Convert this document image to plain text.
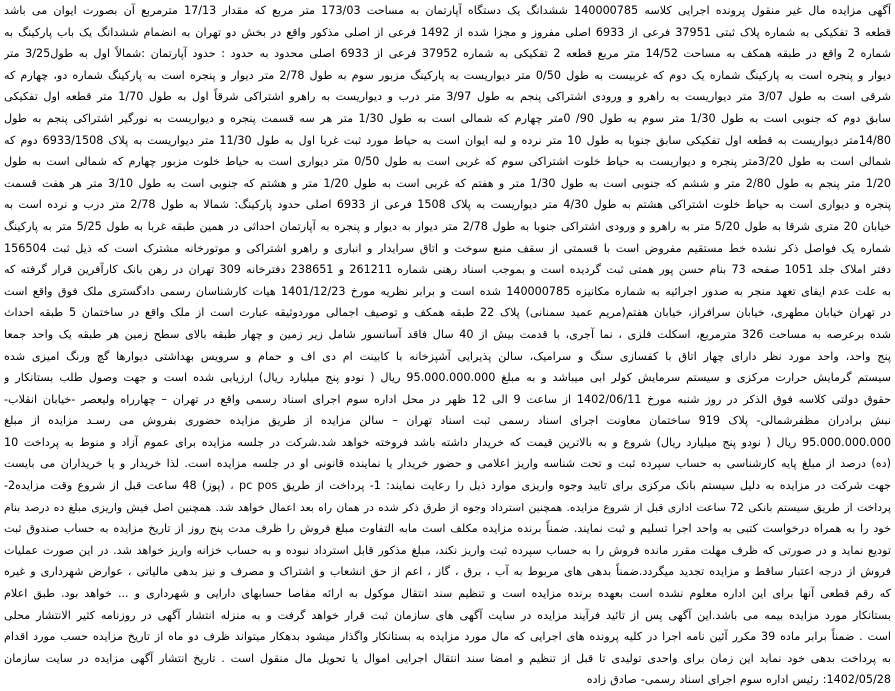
آگهی مزایده مال غیر منقول پرونده اجرایی کلاسه 140000785 ششدانگ یک دستگاه آپارتمان به مساحت 173/03 متر مربع که مقدار 17/13 مترمربع آن بصورت ایوان می باشد
قطعه 3 تفکیکی به شماره پلاک ثبتی 37951 فرعی از 6933 اصلی مفروز و مجزا شده از 1492 فرعی از اصلی مذکور واقع در بخش دو تهران به انضمام ششدانگ یک باب پارکینگ به
شماره 2 واقع در طبقه همکف به مساحت 14/52 متر مربع قطعه 2 تفکیکی به شماره 37952 فرعی از 6933 اصلی محدود به حدود : حدود آپارتمان :شمالاً اول به طول3/25 متر
دیوار و پنجره است به پارکینگ شماره یک دوم که غربیست به طول 0/50 متر دیواریست به پارکینگ مزبور سوم به طول 2/78 متر دیوار و پنجره است به پارکینگ شماره دو، چهارم که
شرقی است به طول 3/07 متر دیواریست به راهرو و ورودی اشتراکی پنجم به طول 3/97 متر درب و دیواریست به راهرو اشتراکی شرقاً اول به طول 1/70 متر قطعه اول تفکیکی
سابق دوم که جنوبی است به طول 1/30 متر سوم به طول 90/ 0متر چهارم که شمالی است به طول 1/30 متر هر سه قسمت پنجره و دیواریست به نورگیر اشتراکی پنجم به طول
14/80متر دیواریست به قطعه اول تفکیکی سابق جنوبا به طول 10 متر نرده و لبه ایوان است به حیاط مورد ثبت غربا اول به طول 11/30 متر دیواریست به پلاک 6933/1508 دوم که
شمالی است به طول 3/20متر پنجره و دیواریست به حیاط خلوت اشتراکی سوم که غربی است به طول 0/50 متر دیواری است به حیاط خلوت مزبور چهارم که شمالی است به طول
1/20 متر پنجم به طول 2/80 متر و ششم که جنوبی است به طول 1/30 متر و هفتم که غربی است به طول 1/20 متر و هشتم که جنوبی است به طول 3/10 متر هر هفت قسمت
پنجره و دیواری است به حیاط خلوت اشتراکی هشتم به طول 4/30 متر دیواریست به پلاک 1508 فرعی از 6933 اصلی حدود پارکینگ: شمالا به طول 2/78 متر درب و نرده است به
خیابان 20 متری شرقا به طول 5/20 متر به راهرو و ورودی اشتراکی جنوبا به طول 2/78 متر دیوار به دیوار و پنجره به آپارتمان احداثی در همین طبقه غربا به طول 5/25 متر به پارکینگ
شماره یک فواصل ذکر نشده خط مستقیم مفروض است با قسمتی از سقف منبع سوخت و اتاق سرایدار و انباری و راهرو اشتراکی و موتورخانه مشترک است که ذیل ثبت 156504
دفتر املاک جلد 1051 صفحه 73 بنام حسن پور همتی ثبت گردیده است و بموجب اسناد رهنی شماره 261211 و 238651 دفترخانه 309 تهران در رهن بانک کارآفرین قرار گرفته که
به علت عدم ایفای تعهد منجر به صدور اجرائیه به شماره مکانیزه 140000785 شده است و برابر نظریه مورخ 1401/12/23 هیات کارشناسان رسمی دادگستری ملک فوق واقع است
در تهران خیابان مطهری، خیابان سرافراز، خیابان هفتم(مریم عمید سمنانی) پلاک 22 طبقه همکف و توصیف اجمالی موردوثیقه عبارت است از ملک واقع در ساختمان 5 طبقه احداث
شده برعرصه به مساحت 326 مترمربع، اسکلت فلزی ، نما آجری، با قدمت بیش از 40 سال فاقد آسانسور شامل زیر زمین و چهار طبقه بالای سطح زمین هر طبقه یک واحد جمعا
پنج واحد، واحد مورد نظر دارای چهار اتاق با کفسازی سنگ و سرامیک، سالن پذیرایی آشپزخانه با کابینت ام دی اف و حمام و سرویس بهداشتی دیوارها گچ ورنگ امیزی شده
سیستم گرمایش حرارت مرکزی و سیستم سرمایش کولر ابی میباشد و به مبلغ 95.000.000.000 ریال ( نودو پنج میلیارد ریال) ارزیابی شده است و جهت وصول طلب بستانکار و
حقوق دولتی کلاسه فوق الذکر در روز شنبه مورخ 1402/06/11 از ساعت 9 الی 12 ظهر در محل اداره سوم اجرای اسناد رسمی واقع در تهران – چهارراه ولیعصر -خیابان انقلاب-
نبش برادران مظفرشمالی- پلاک 919 ساختمان معاونت اجرای اسناد رسمی ثبت اسناد تهران – سالن مزایده از طریق مزایده حضوری بفروش می رسـد مزایده از مبلغ
95.000.000.000 ریال ( نودو پنج میلیارد ریال) شروع و به بالاترین قیمت که خریدار داشته باشد فروخته خواهد شد.شرکت در جلسه مزایده برای عموم آزاد و منوط به پرداخت 10
(ده) درصد از مبلغ پایه کارشناسی به حساب سپرده ثبت و تحت شناسه واریز اعلامی و حضور خریدار یا نماینده قانونی او در جلسه مزایده است. لذا خریدار و یا خریداران می بایست
جهت شرکت در مزایده به دلیل سیستم بانک مرکزی برای تایید وجوه واریزی موارد ذیل را رعایت نمایند: 1- پرداخت از طریق pc pos ، (پوز) 48 ساعت قبل از شروع وقت مزایده2-
پرداخت از طریق سیستم بانکی 72 ساعت اداری قبل از شروع مزایده. همچنین استرداد وجوه از طرق ذکر شده در همان راه بعد اعمال خواهد شد. همچنین اصل فیش واریزی مبلغ ده درصد بنام
خود را به همراه درخواست کتبی به واحد اجرا تسلیم و ثبت نمایند. ضمناً برنده مزایده مکلف است مابه التفاوت مبلغ فروش را ظرف مدت پنج روز از تاریخ مزایده به حساب صندوق ثبت
تودیع نماید و در صورتی که ظرف مهلت مقرر مانده فروش را به حساب سپرده ثبت واریز نکند، مبلغ مذکور قابل استرداد نبوده و به حساب خزانه واریز خواهد شد. در این صورت عملیات
فروش از درجه اعتبار ساقط و مزایده تجدید میگردد.ضمناً بدهی های مربوط به آب ، برق ، گاز ، اعم از حق انشعاب و اشتراک و مصرف و نیز بدهی مالیاتی ، عوارض شهرداری و غیره
که رقم قطعی آنها برای این اداره معلوم نشده است بعهده برنده مزایده است و تنظیم سند انتقال موکول به ارائه مفاصا حسابهای دارایی و شهرداری و ... خواهد بود. طبق اعلام
بستانکار مورد مزایده بیمه می باشد.این آگهی پس از تائید فرآیند مزایده در سایت آگهی های سازمان ثبت قرار خواهد گرفت و به منزله انتشار آگهی در روزنامه کثیر الانتشار محلی
است . ضمناً برابر ماده 39 مکرر آئین نامه اجرا در کلیه پرونده های اجرایی که مال مورد مزایده به بستانکار واگذار میشود بدهکار میتواند ظرف دو ماه از تاریخ مزایده حسب مورد اقدام
به پرداخت بدهی خود نماید این زمان برای واحدی تولیدی تا قبل از تنظیم و امضا سند انتقال اجرایی اموال یا تحویل مال منقول است . تاریخ انتشار آگهی مزایده در سایت سازمان
1402/05/28: رئیس اداره سوم اجرای اسناد رسمی- صادق زاده
